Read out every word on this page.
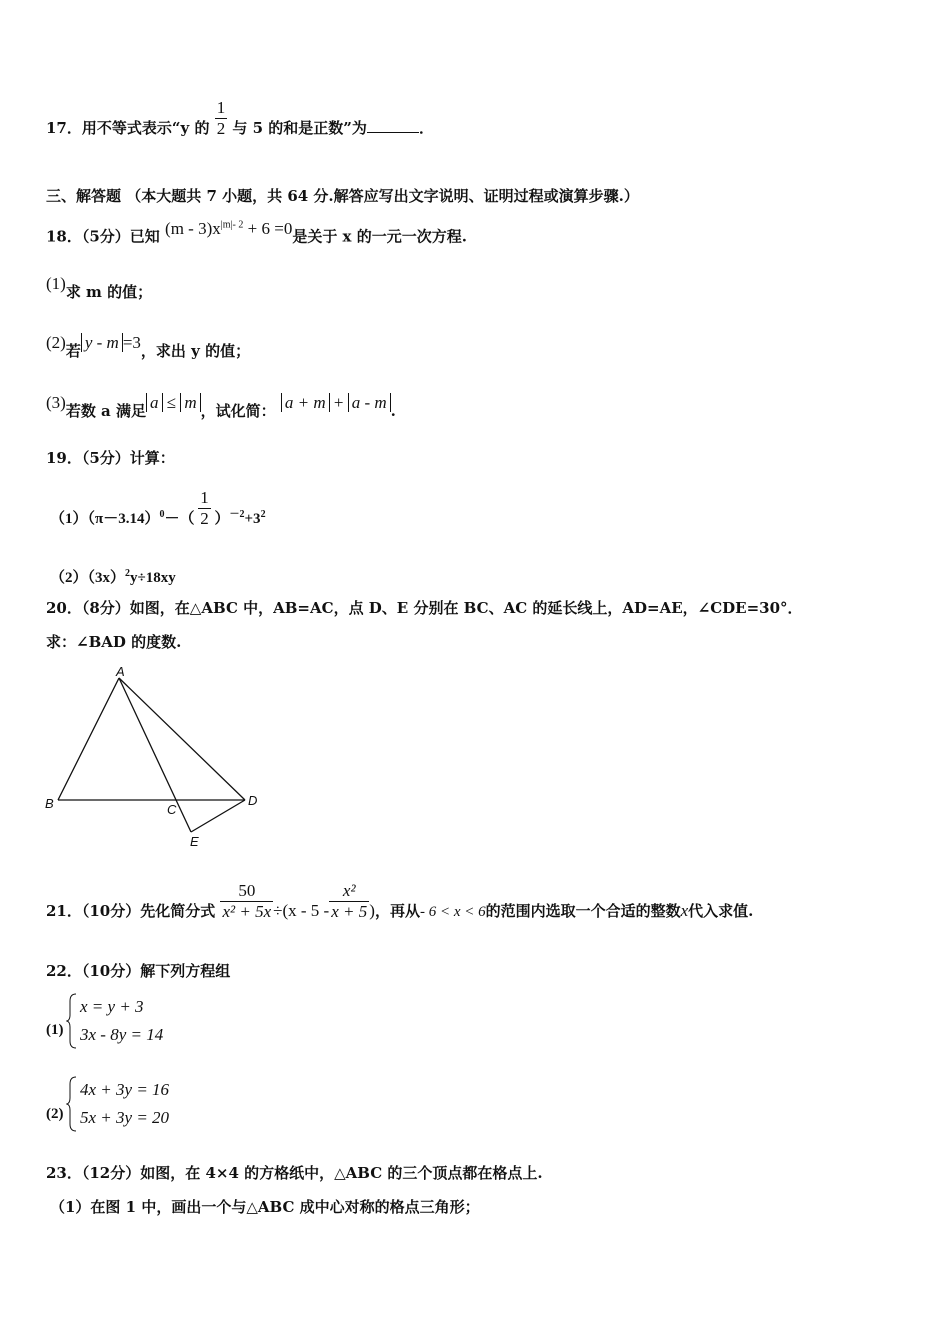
17．用不等式表示“y 的 $\frac{1}{2}$ 与 5 的和是正数”为	．
三、解答题 （本大题共 7 小题，共 64 分.解答应写出文字说明、证明过程或演算步骤.）
18．（5分）已知 $(m - 3)x^{|m|- 2} + 6 =0$是关于 x 的一元一次方程.
(1)求 m 的值；
(2)若 y - m =3，求出 y 的值；
(3)若数 a 满足 a ≤ m ，试化简： a + m + a - m .
19．（5分）计算：
$(1)(\pi-3.14)^0-( \frac{1}{2} )^{-2}+3^2$
$(2)(3x)^2y\div 18xy$
20．（8分）如图，在△ABC 中，AB=AC，点 D、E 分别在 BC、AC 的延长线上，AD=AE，∠CDE=30°．
求：∠BAD 的度数.
A
B	C
D
E
21．（10分）先化简分式 $\frac{50}{\text{x² + 5x}} \div(x - 5 - \frac{\text{x²}}{x + 5}$ )，再从- 6 < x < 6的范围内选取一个合适的整数x代入求值.
22．（10分）解下列方程组
(1)
x = y + 3
3x - 8y = 14
(2)
4x + 3y = 16
5x + 3y = 20
23．（12分）如图，在 4×4 的方格纸中，△ABC 的三个顶点都在格点上.
（1）在图 1 中，画出一个与△ABC 成中心对称的格点三角形；
